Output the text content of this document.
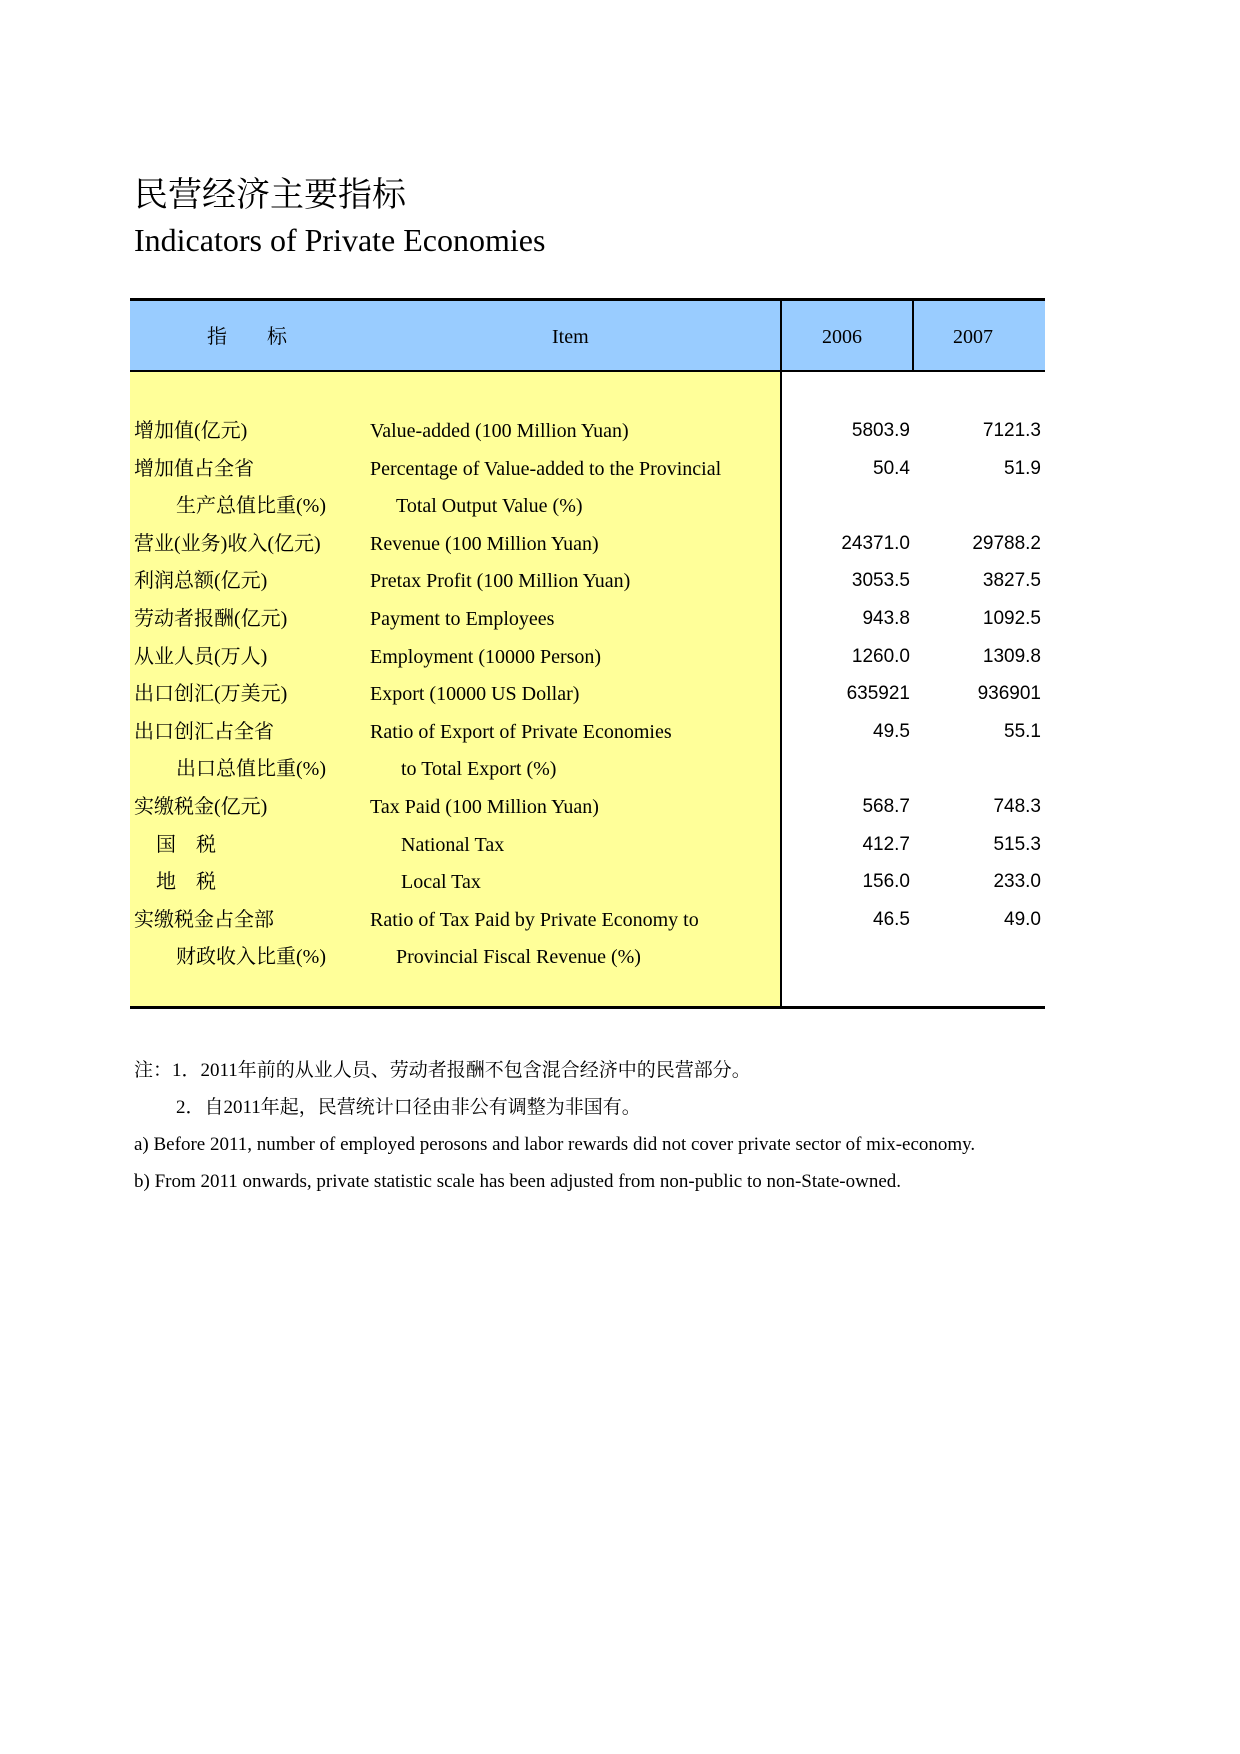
民营经济主要指标
Indicators of Private Economies
指　　标	Item	2006	2007
增加值(亿元)	Value-added (100 Million Yuan)	5803.9	7121.3
增加值占全省	Percentage of Value-added to the Provincial	50.4	51.9
生产总值比重(%)	Total Output Value (%)
营业(业务)收入(亿元) Revenue (100 Million Yuan)	24371.0	29788.2
利润总额(亿元)	Pretax Profit (100 Million Yuan)	3053.5	3827.5
劳动者报酬(亿元)	Payment to Employees	943.8	1092.5
从业人员(万人)	Employment (10000 Person)	1260.0	1309.8
出口创汇(万美元)	Export (10000 US Dollar)	635921	936901
出口创汇占全省	Ratio of Export of Private Economies	49.5	55.1
出口总值比重(%)	to Total Export (%)
实缴税金(亿元)	Tax Paid (100 Million Yuan)	568.7	748.3
国　税	National Tax	412.7	515.3
地　税	Local Tax	156.0	233.0
实缴税金占全部	Ratio of Tax Paid by Private Economy to	46.5	49.0
财政收入比重(%)	Provincial Fiscal Revenue (%)
注：1．2011年前的从业人员、劳动者报酬不包含混合经济中的民营部分。
2．自2011年起，民营统计口径由非公有调整为非国有。
a) Before 2011, number of employed perosons and labor rewards did not cover private sector of mix-economy.
b) From 2011 onwards, private statistic scale has been adjusted from non-public to non-State-owned.
